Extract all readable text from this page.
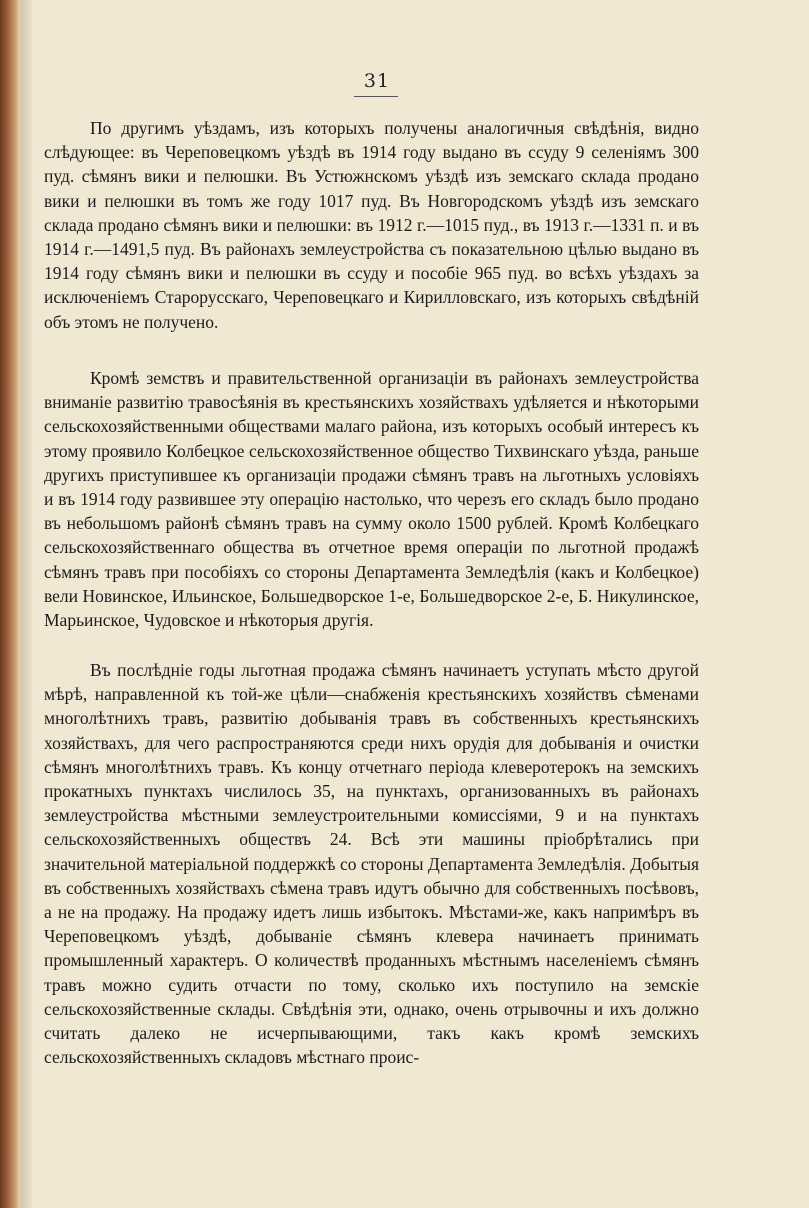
31

По другимъ уѣздамъ, изъ которыхъ получены аналогичныя свѣдѣнія, видно слѣдующее: въ Череповецкомъ уѣздѣ въ 1914 году выдано въ ссуду 9 селеніямъ 300 пуд. сѣмянъ вики и пелюшки. Въ Устюжнскомъ уѣздѣ изъ земскаго склада продано вики и пелюшки въ томъ же году 1017 пуд. Въ Новгородскомъ уѣздѣ изъ земскаго склада продано сѣмянъ вики и пелюшки: въ 1912 г.—1015 пуд., въ 1913 г.—1331 п. и въ 1914 г.—1491,5 пуд. Въ районахъ землеустройства съ показательною цѣлью выдано въ 1914 году сѣмянъ вики и пелюшки въ ссуду и пособіе 965 пуд. во всѣхъ уѣздахъ за исключеніемъ Старорусскаго, Череповецкаго и Кирилловскаго, изъ которыхъ свѣдѣній объ этомъ не получено.

Кромѣ земствъ и правительственной организаціи въ районахъ землеустройства вниманіе развитію травосѣянія въ крестьянскихъ хозяйствахъ удѣляется и нѣкоторыми сельскохозяйственными обществами малаго района, изъ которыхъ особый интересъ къ этому проявило Колбецкое сельскохозяйственное общество Тихвинскаго уѣзда, раньше другихъ приступившее къ организаціи продажи сѣмянъ травъ на льготныхъ условіяхъ и въ 1914 году развившее эту операцію настолько, что черезъ его складъ было продано въ небольшомъ районѣ сѣмянъ травъ на сумму около 1500 рублей. Кромѣ Колбецкаго сельскохозяйственнаго общества въ отчетное время операціи по льготной продажѣ сѣмянъ травъ при пособіяхъ со стороны Департамента Земледѣлія (какъ и Колбецкое) вели Новинское, Ильинское, Большедворское 1-е, Большедворское 2-е, Б. Никулинское, Марьинское, Чудовское и нѣкоторыя другія.

Въ послѣдніе годы льготная продажа сѣмянъ начинаетъ уступать мѣсто другой мѣрѣ, направленной къ той-же цѣли—снабженія крестьянскихъ хозяйствъ сѣменами многолѣтнихъ травъ, развитію добыванія травъ въ собственныхъ крестьянскихъ хозяйствахъ, для чего распространяются среди нихъ орудія для добыванія и очистки сѣмянъ многолѣтнихъ травъ. Къ концу отчетнаго періода клеверотерокъ на земскихъ прокатныхъ пунктахъ числилось 35, на пунктахъ, организованныхъ въ районахъ землеустройства мѣстными землеустроительными комиссіями, 9 и на пунктахъ сельскохозяйственныхъ обществъ 24. Всѣ эти машины пріобрѣтались при значительной матеріальной поддержкѣ со стороны Департамента Земледѣлія. Добытыя въ собственныхъ хозяйствахъ сѣмена травъ идутъ обычно для собственныхъ посѣвовъ, а не на продажу. На продажу идетъ лишь избытокъ. Мѣстами-же, какъ напримѣръ въ Череповецкомъ уѣздѣ, добываніе сѣмянъ клевера начинаетъ принимать промышленный характеръ. О количествѣ проданныхъ мѣстнымъ населеніемъ сѣмянъ травъ можно судить отчасти по тому, сколько ихъ поступило на земскіе сельскохозяйственные склады. Свѣдѣнія эти, однако, очень отрывочны и ихъ должно считать далеко не исчерпывающими, такъ какъ кромѣ земскихъ сельскохозяйственныхъ складовъ мѣстнаго проис-
